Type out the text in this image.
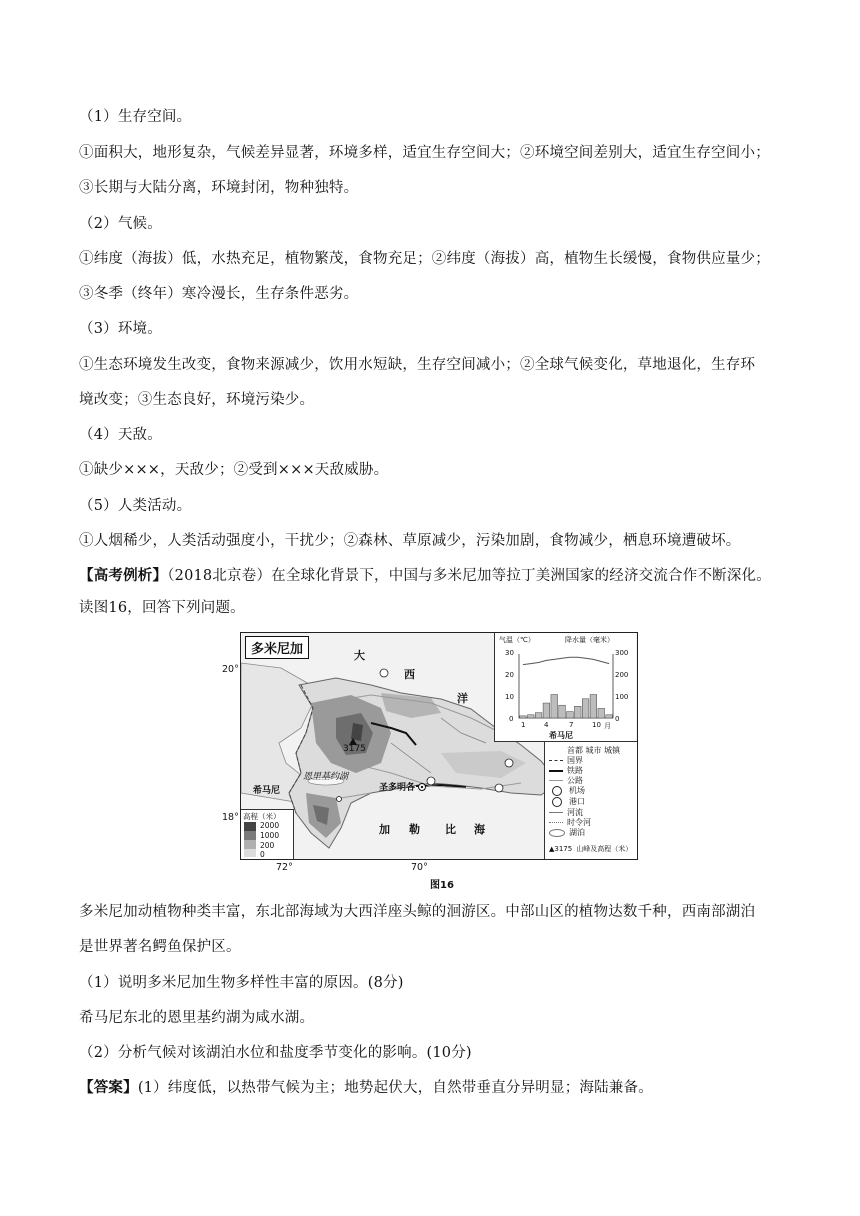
（1）生存空间。
①面积大，地形复杂，气候差异显著，环境多样，适宜生存空间大；②环境空间差别大，适宜生存空间小；
③长期与大陆分离，环境封闭，物种独特。
（2）气候。
①纬度（海拔）低，水热充足，植物繁茂，食物充足；②纬度（海拔）高，植物生长缓慢，食物供应量少；
③冬季（终年）寒冷漫长，生存条件恶劣。
（3）环境。
①生态环境发生改变，食物来源减少，饮用水短缺，生存空间减小；②全球气候变化，草地退化，生存环
境改变；③生态良好，环境污染少。
（4）天敌。
①缺少×××，天敌少；②受到×××天敌威胁。
（5）人类活动。
①人烟稀少，人类活动强度小，干扰少；②森林、草原减少，污染加剧，食物减少，栖息环境遭破坏。
【高考例析】（2018北京卷）在全球化背景下，中国与多米尼加等拉丁美洲国家的经济交流合作不断深化。
读图16，回答下列问题。
20°
18°
72°	70°
多米尼加	大
西
洋
加 勒 比 海
恩里基约湖
3175
希马尼	圣多明各
高程（米）
2000
1000
200
0
气温（℃）	降水量（毫米）
30
20
10
0
300
200
100
0
1	4	7	10 月
希马尼
首都 城市 城镇
国界
铁路
公路
机场
港口
河流
时令河
湖泊
▲3175 山峰及高程（米）
图16
多米尼加动植物种类丰富，东北部海域为大西洋座头鲸的洄游区。中部山区的植物达数千种，西南部湖泊
是世界著名鳄鱼保护区。
（1）说明多米尼加生物多样性丰富的原因。(8分)
希马尼东北的恩里基约湖为咸水湖。
（2）分析气候对该湖泊水位和盐度季节变化的影响。(10分)
【答案】(1）纬度低，以热带气候为主；地势起伏大，自然带垂直分异明显；海陆兼备。
